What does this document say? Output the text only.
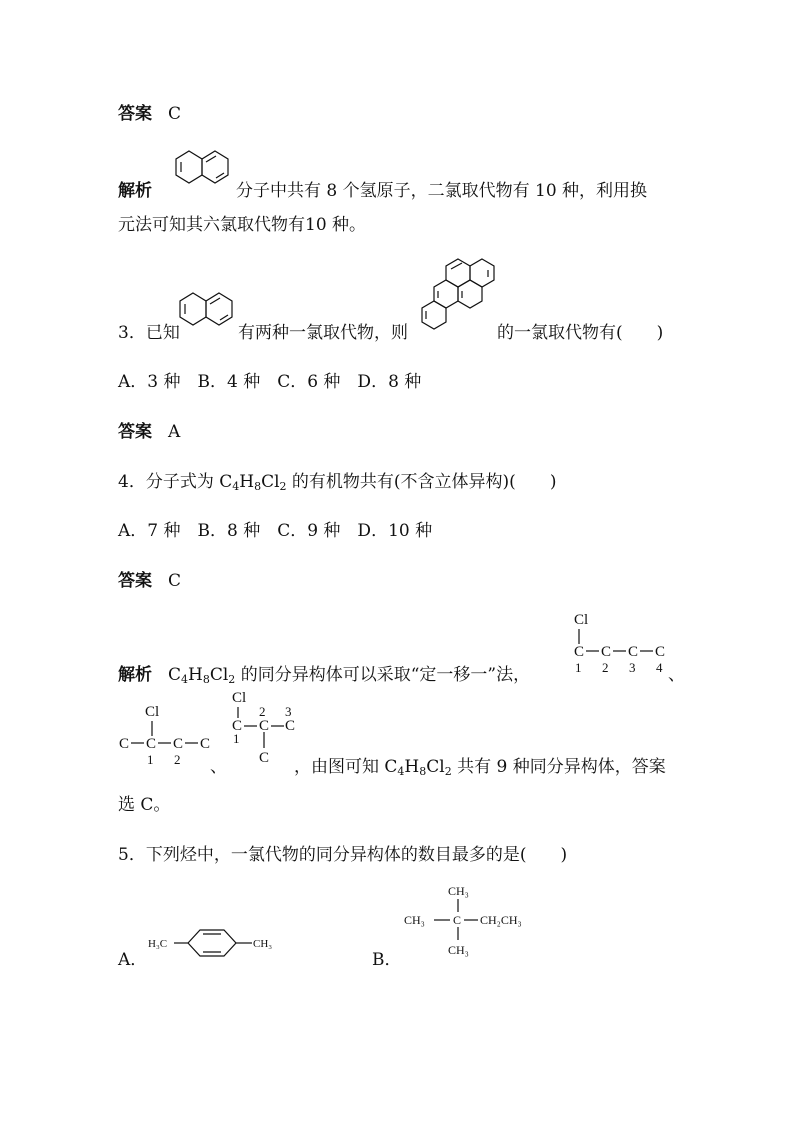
答案 C
解析	分子中共有 8 个氢原子，二氯取代物有 10 种，利用换
元法可知其六氯取代物有10 种。
3．已知	有两种一氯取代物，则	的一氯取代物有(　　)
A．3 种　B．4 种　C．6 种　D．8 种
答案 A
4．分子式为 $C_4H_8Cl_2$ 的有机物共有(不含立体异构)(　　)
A．7 种　B．8 种　C．9 种　D．10 种
答案 C
解析 $C_4H_8Cl_2$ 的同分异构体可以采取“定一移一”法，
Cl
C C C C
1 2 3 4 、
Cl
C C C C
1 2 、
Cl
C C C
C
1
2 3
，由图可知 $C_4H_8Cl_2$ 共有 9 种同分异构体，答案
选 C。
5．下列烃中，一氯代物的同分异构体的数目最多的是(　　)
A．
H₃C	CH₃
B．
CH₃
CH₃ C CH₂CH₃
CH₃
